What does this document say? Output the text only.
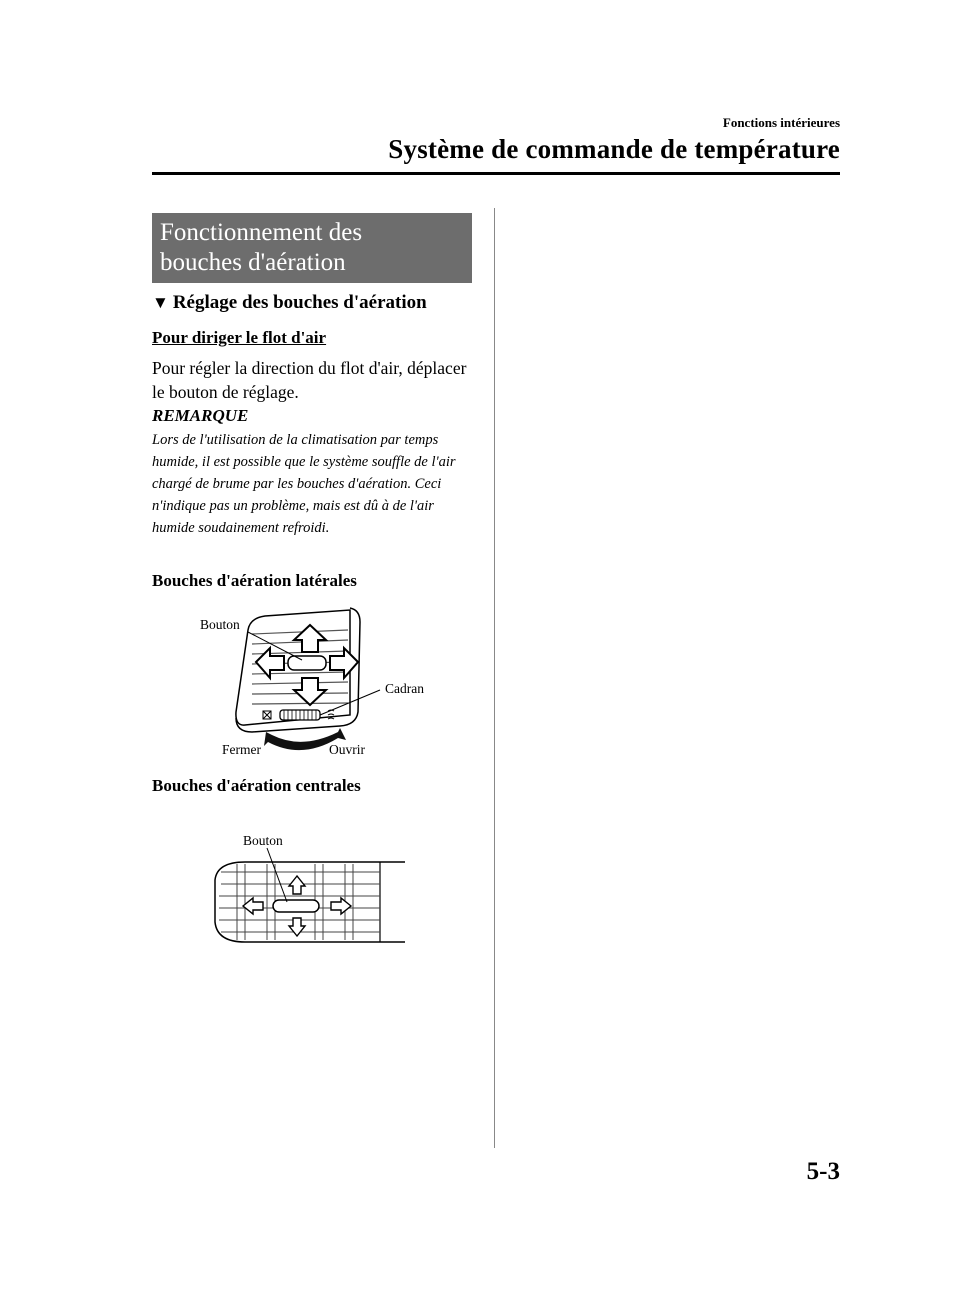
Fonctions intérieures
Système de commande de température
Fonctionnement des
bouches d'aération
▼ Réglage des bouches d'aération
Pour diriger le flot d'air
Pour régler la direction du flot d'air, déplacer le bouton de réglage.
REMARQUE
Lors de l'utilisation de la climatisation par temps humide, il est possible que le système souffle de l'air chargé de brume par les bouches d'aération. Ceci n'indique pas un problème, mais est dû à de l'air humide soudainement refroidi.
Bouches d'aération latérales
Bouton
Cadran
Fermer	Ouvrir
Bouches d'aération centrales
Bouton
5-3
